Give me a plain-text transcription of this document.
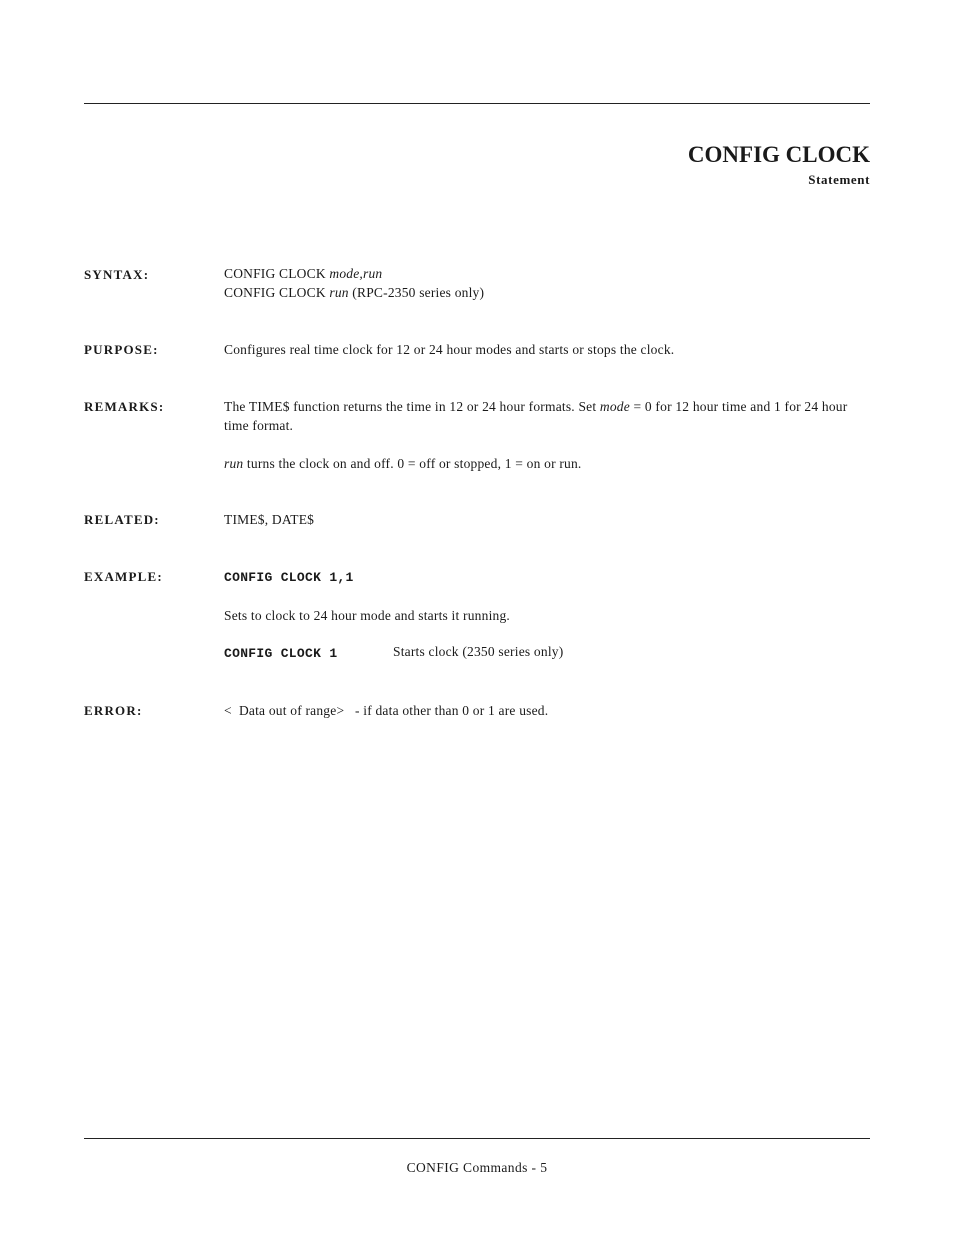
CONFIG CLOCK
Statement
SYNTAX:	CONFIG CLOCK mode,run
CONFIG CLOCK run (RPC-2350 series only)
PURPOSE:	Configures real time clock for 12 or 24 hour modes and starts or stops the clock.
REMARKS:	The TIME$ function returns the time in 12 or 24 hour formats. Set mode = 0 for 12 hour time and 1 for 24 hour time format.
run turns the clock on and off. 0 = off or stopped, 1 = on or run.
RELATED:	TIME$, DATE$
EXAMPLE:	CONFIG CLOCK 1,1
Sets to clock to 24 hour mode and starts it running.
CONFIG CLOCK 1	Starts clock (2350 series only)
ERROR:	<  Data out of range>   - if data other than 0 or 1 are used.
CONFIG Commands - 5
